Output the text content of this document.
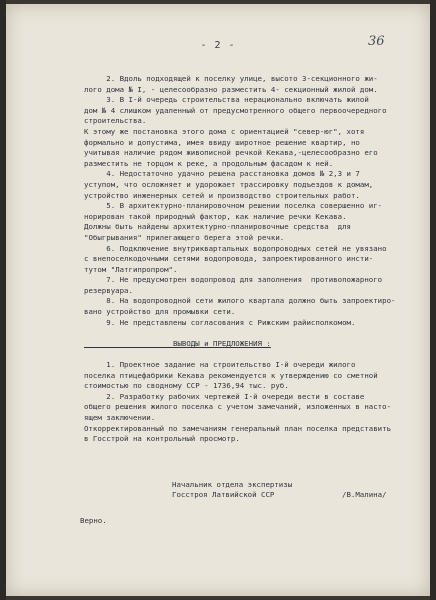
- 2 -	36

2. Вдоль подходящей к поселку улице, высото 3-секционного жи-

лого дома № I, - целесообразно разместить 4- секционный жилой дом.

3. В I-й очередь строительства нерационально включать жилой

дом № 4 слишком удаленный от предусмотренного общего первоочередного

строительства.

К этому же постановка этого дома с ориентацией "север-юг", хотя

формально и допустима, имея ввиду широтное решение квартир, но

учитывая наличие рядом живописной речкой Кекава,-целесообразно его

разместить не торцом к реке, а продольным фасадом к ней.

4. Недостаточно удачно решена расстановка домов № 2,3 и 7

уступом, что осложняет и удорожает трассировку подъездов к домам,

устройство инженерных сетей и производство строительных работ.

5. В архитектурно-планировочном решении поселка совершенно иг-

норирован такой природный фактор, как наличие речки Кекава.

Должны быть найдены архитектурно-планировочные средства  для

"Обыгрывания" прилегающего берега этой речки.

6. Подключение внутриквартальных водопроводных сетей не увязано

с внепоселкодочными сетями водопровода, запроектированного инсти-

тутом "Латгипропром".

7. Не предусмотрен водопровод для заполнения  противопожарного

резервуара.

8. На водопроводной сети жилого квартала должно быть запроектиро-

вано устройство для промывки сети.

9. Не представлены согласования с Рижским райисполкомом.

ВЫВОДЫ и ПРЕДЛОЖЕНИЯ :

1. Проектное задание на строительство I-й очереди жилого

поселка птицефабрики Кекава рекомендуется к утверждению со сметной

стоимостью по сводному ССР - 1736,94 тыс. руб.

2. Разработку рабочих чертежей I-й очереди вести в составе

общего решения жилого поселка с учетом замечаний, изложенных в насто-

ящем заключении.

Откорректированный по замечаниям генеральный план поселка представить

в Госстрой на контрольный просмотр.

Начальник отдела экспертизы
Госстроя Латвийской ССР	/В.Малина/
Верно.
